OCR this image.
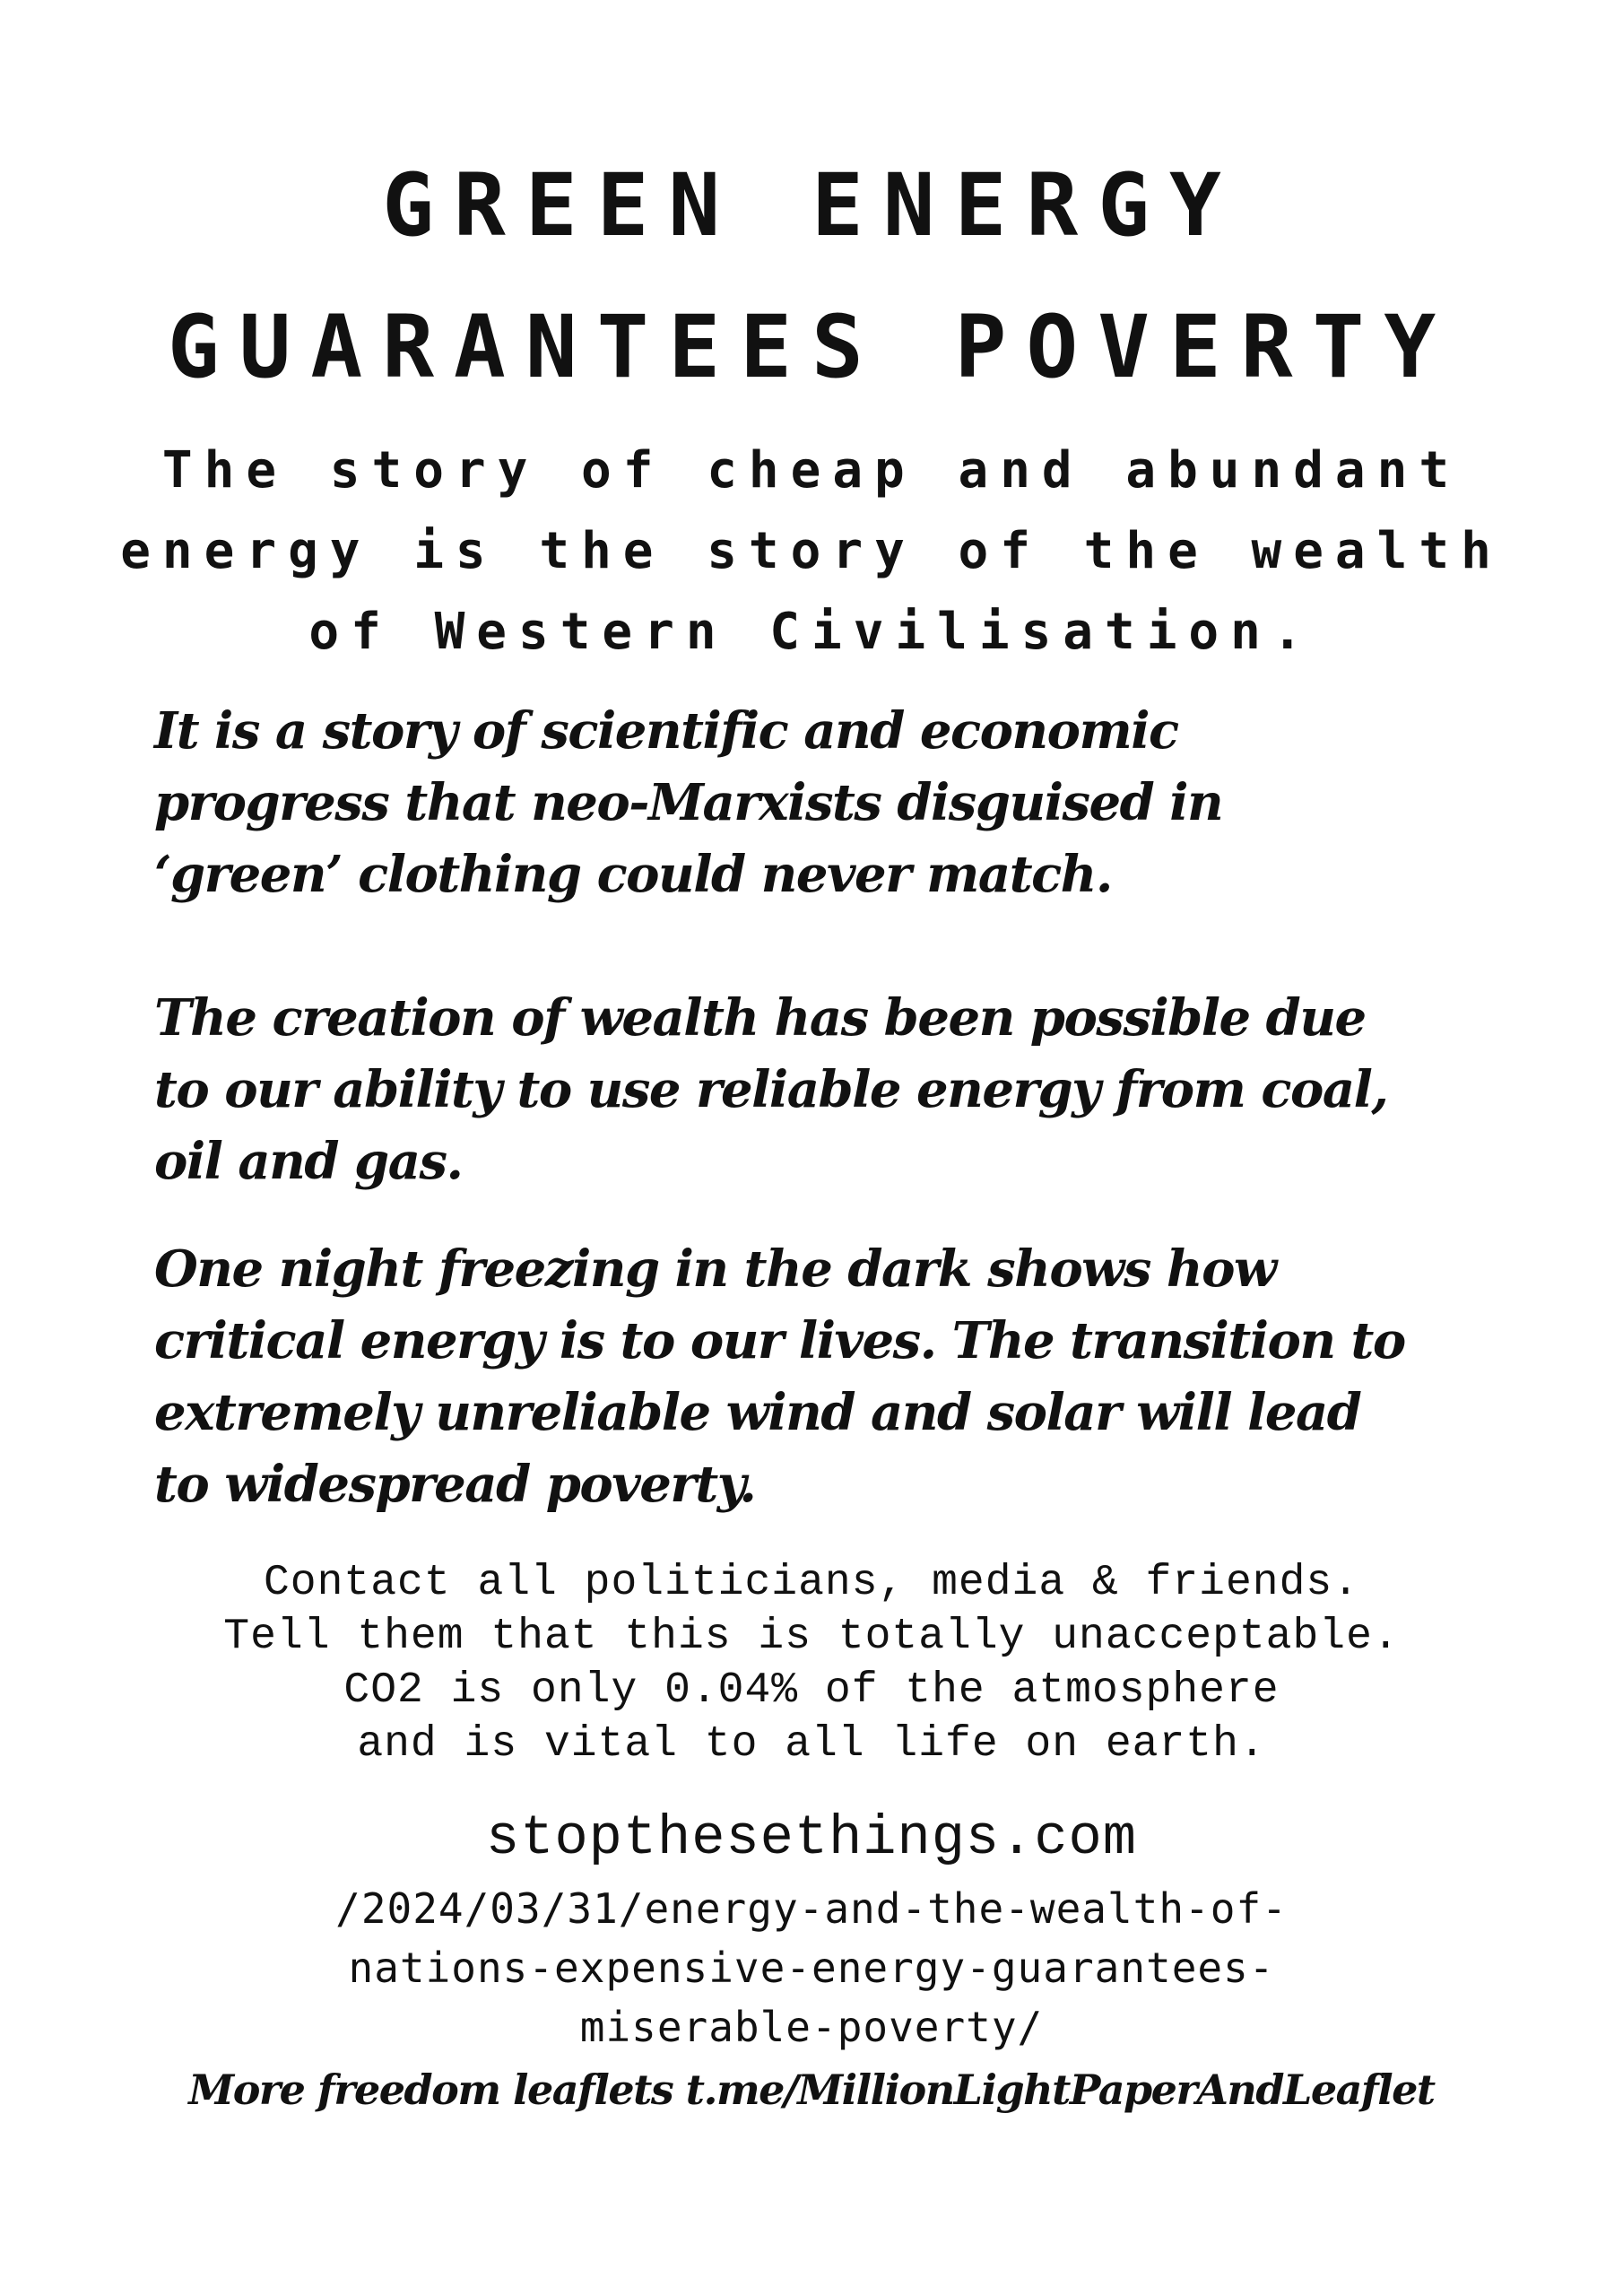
GREEN ENERGY
GUARANTEES POVERTY
The story of cheap and abundant
energy is the story of the wealth
of Western Civilisation.
It is a story of scientific and economic
progress that neo-Marxists disguised in
‘green’ clothing could never match.
The creation of wealth has been possible due
to our ability to use reliable energy from coal,
oil and gas.
One night freezing in the dark shows how
critical energy is to our lives. The transition to
extremely unreliable wind and solar will lead
to widespread poverty.
Contact all politicians, media & friends.
Tell them that this is totally unacceptable.
CO2 is only 0.04% of the atmosphere
and is vital to all life on earth.
stopthesethings.com
/2024/03/31/energy-and-the-wealth-of-
nations-expensive-energy-guarantees-
miserable-poverty/
More freedom leaflets t.me/MillionLightPaperAndLeaflet
